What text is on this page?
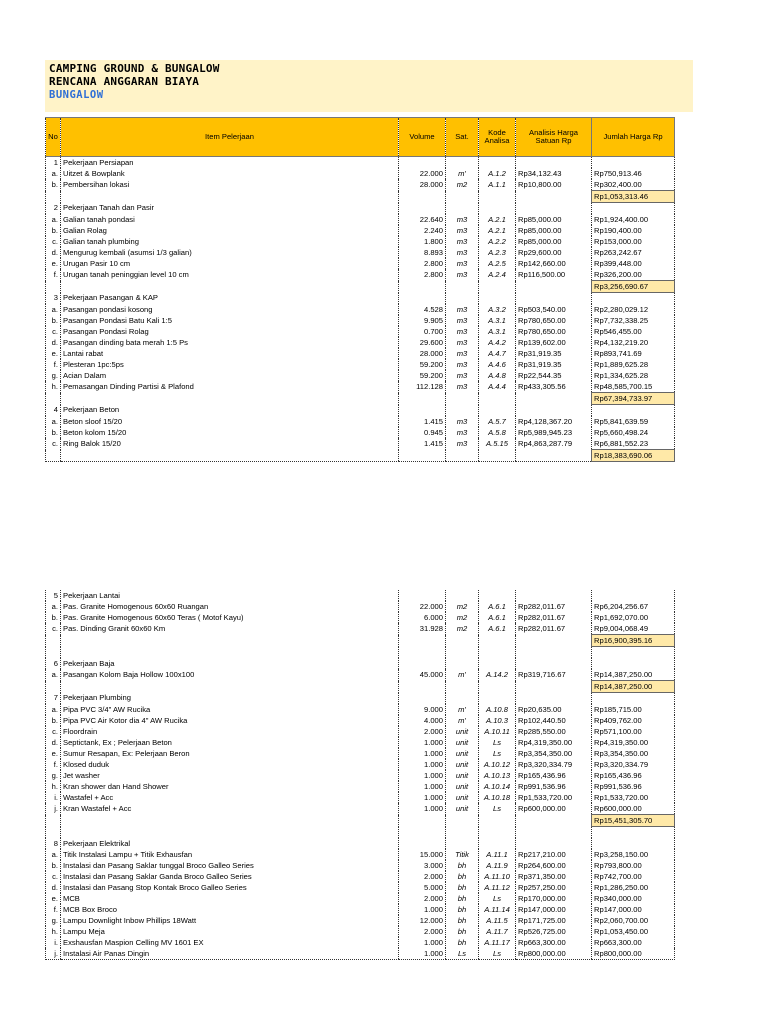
CAMPING GROUND & BUNGALOW
RENCANA ANGGARAN BIAYA
BUNGALOW
No	Item Pelerjaan	Volume	Sat.	Kode Analisa	Analisis Harga Satuan Rp	Jumlah Harga Rp
1	Pekerjaan Persiapan					
a.	Uitzet & Bowplank	22.000	m'	A.1.2	Rp34,132.43	Rp750,913.46
b.	Pembersihan lokasi	28.000	m2	A.1.1	Rp10,800.00	Rp302,400.00
						Rp1,053,313.46
2	Pekerjaan Tanah dan Pasir					
a.	Galian tanah pondasi	22.640	m3	A.2.1	Rp85,000.00	Rp1,924,400.00
b.	Galian Rolag	2.240	m3	A.2.1	Rp85,000.00	Rp190,400.00
c.	Galian tanah plumbing	1.800	m3	A.2.2	Rp85,000.00	Rp153,000.00
d.	Mengurug kembali (asumsi 1/3 galian)	8.893	m3	A.2.3	Rp29,600.00	Rp263,242.67
e.	Urugan Pasir 10 cm	2.800	m3	A.2.5	Rp142,660.00	Rp399,448.00
f.	Urugan tanah peninggian level 10 cm	2.800	m3	A.2.4	Rp116,500.00	Rp326,200.00
						Rp3,256,690.67
3	Pekerjaan Pasangan & KAP					
a.	Pasangan pondasi kosong	4.528	m3	A.3.2	Rp503,540.00	Rp2,280,029.12
b.	Pasangan Pondasi Batu Kali 1:5	9.905	m3	A.3.1	Rp780,650.00	Rp7,732,338.25
c.	Pasangan Pondasi Rolag	0.700	m3	A.3.1	Rp780,650.00	Rp546,455.00
d.	Pasangan dinding bata merah 1:5 Ps	29.600	m3	A.4.2	Rp139,602.00	Rp4,132,219.20
e.	Lantai rabat	28.000	m3	A.4.7	Rp31,919.35	Rp893,741.69
f.	Plesteran 1pc:5ps	59.200	m3	A.4.6	Rp31,919.35	Rp1,889,625.28
g.	Acian Dalam	59.200	m3	A.4.8	Rp22,544.35	Rp1,334,625.28
h.	Pemasangan Dinding Partisi & Plafond	112.128	m3	A.4.4	Rp433,305.56	Rp48,585,700.15
						Rp67,394,733.97
4	Pekerjaan Beton					
a.	Beton sloof 15/20	1.415	m3	A.5.7	Rp4,128,367.20	Rp5,841,639.59
b.	Beton kolom 15/20	0.945	m3	A.5.8	Rp5,989,945.23	Rp5,660,498.24
c.	Ring Balok 15/20	1.415	m3	A.5.15	Rp4,863,287.79	Rp6,881,552.23
						Rp18,383,690.06
5	Pekerjaan Lantai					
a.	Pas. Granite Homogenous 60x60 Ruangan	22.000	m2	A.6.1	Rp282,011.67	Rp6,204,256.67
b.	Pas. Granite Homogenous 60x60 Teras ( Motof Kayu)	6.000	m2	A.6.1	Rp282,011.67	Rp1,692,070.00
c.	Pas. Dinding Granit 60x60 Km	31.928	m2	A.6.1	Rp282,011.67	Rp9,004,068.49
						Rp16,900,395.16

6	Pekerjaan Baja					
a.	Pasangan Kolom Baja Hollow 100x100	45.000	m'	A.14.2	Rp319,716.67	Rp14,387,250.00
						Rp14,387,250.00
7	Pekerjaan Plumbing					
a.	Pipa PVC 3/4" AW Rucika	9.000	m'	A.10.8	Rp20,635.00	Rp185,715.00
b.	Pipa PVC Air Kotor dia 4" AW Rucika	4.000	m'	A.10.3	Rp102,440.50	Rp409,762.00
c.	Floordrain	2.000	unit	A.10.11	Rp285,550.00	Rp571,100.00
d.	Septictank, Ex ; Pelerjaan Beton	1.000	unit	Ls	Rp4,319,350.00	Rp4,319,350.00
e.	Sumur Resapan, Ex: Pelerjaan Beron	1.000	unit	Ls	Rp3,354,350.00	Rp3,354,350.00
f.	Klosed duduk	1.000	unit	A.10.12	Rp3,320,334.79	Rp3,320,334.79
g.	Jet washer	1.000	unit	A.10.13	Rp165,436.96	Rp165,436.96
h.	Kran shower dan Hand Shower	1.000	unit	A.10.14	Rp991,536.96	Rp991,536.96
i.	Wastafel + Acc	1.000	unit	A.10.18	Rp1,533,720.00	Rp1,533,720.00
j.	Kran Wastafel + Acc	1.000	unit	Ls	Rp600,000.00	Rp600,000.00
						Rp15,451,305.70

8	Pekerjaan Elektrikal					
a.	Titik Instalasi Lampu + Titik Exhausfan	15.000	Titik	A.11.1	Rp217,210.00	Rp3,258,150.00
b.	Instalasi dan Pasang Saklar tunggal Broco Galleo Series	3.000	bh	A.11.9	Rp264,600.00	Rp793,800.00
c.	Instalasi dan Pasang Saklar Ganda Broco Galleo Series	2.000	bh	A.11.10	Rp371,350.00	Rp742,700.00
d.	Instalasi dan Pasang Stop Kontak Broco Galleo Series	5.000	bh	A.11.12	Rp257,250.00	Rp1,286,250.00
e.	MCB	2.000	bh	Ls	Rp170,000.00	Rp340,000.00
f.	MCB Box Broco	1.000	bh	A.11.14	Rp147,000.00	Rp147,000.00
g.	Lampu Downlight Inbow Phillips 18Watt	12.000	bh	A.11.5	Rp171,725.00	Rp2,060,700.00
h.	Lampu Meja	2.000	bh	A.11.7	Rp526,725.00	Rp1,053,450.00
i.	Exshausfan Maspion Celling MV 1601 EX	1.000	bh	A.11.17	Rp663,300.00	Rp663,300.00
j.	Instalasi Air Panas Dingin	1.000	Ls	Ls	Rp800,000.00	Rp800,000.00
